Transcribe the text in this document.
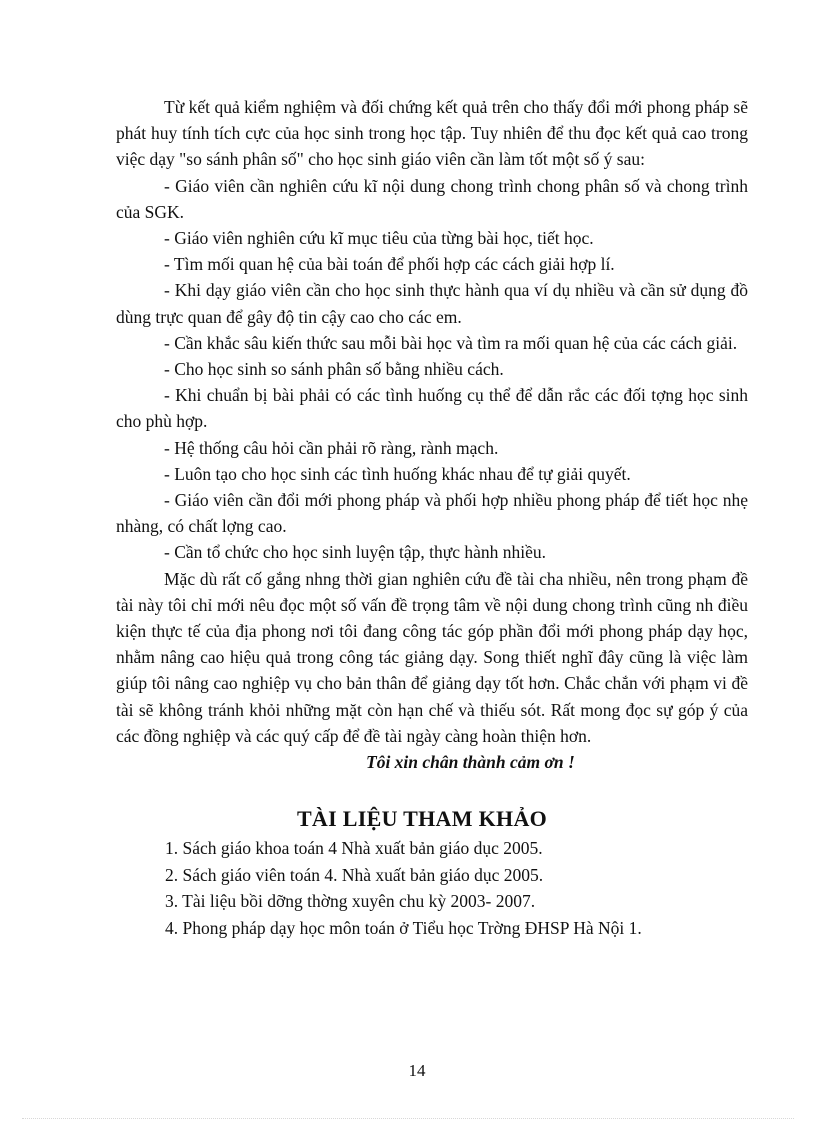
Từ kết quả kiểm nghiệm và đối chứng kết quả trên cho thấy đổi mới phong pháp sẽ phát huy tính tích cực của học sinh trong học tập. Tuy nhiên để thu đọc kết quả cao trong việc dạy "so sánh phân số" cho học sinh giáo viên cần làm tốt một số ý sau:

- Giáo viên cần nghiên cứu kĩ nội dung chong trình chong phân số và chong trình của SGK.

- Giáo viên nghiên cứu kĩ mục tiêu của từng bài học, tiết học.

- Tìm mối quan hệ của bài toán để phối hợp các cách giải hợp lí.

- Khi dạy giáo viên cần cho học sinh thực hành qua ví dụ nhiều và cần sử dụng đồ dùng trực quan để gây độ tin cậy cao cho các em.

- Cần khắc sâu kiến thức sau mỗi bài học và tìm ra mối quan hệ của các cách giải.

- Cho học sinh so sánh phân số bằng nhiều cách.

- Khi chuẩn bị bài phải có các tình huống cụ thể để dẫn rắc các đối tợng học sinh cho phù hợp.

- Hệ thống câu hỏi cần phải rõ ràng, rành mạch.

- Luôn tạo cho học sinh các tình huống khác nhau để tự giải quyết.

- Giáo viên cần đổi mới phong pháp và phối hợp nhiều phong pháp để tiết học nhẹ nhàng, có chất lợng cao.

- Cần tổ chức cho học sinh luyện tập, thực hành nhiều.

Mặc dù rất cố gắng nhng thời gian nghiên cứu đề tài cha nhiều, nên trong phạm đề tài này tôi chỉ mới nêu đọc một số vấn đề trọng tâm về nội dung chong trình cũng nh điều kiện thực tế của địa phong nơi tôi đang công tác góp phần đổi mới phong pháp dạy học, nhằm nâng cao hiệu quả trong công tác giảng dạy. Song thiết nghĩ đây cũng là việc làm giúp tôi nâng cao nghiệp vụ cho bản thân để giảng dạy tốt hơn. Chắc chắn với phạm vi đề tài sẽ không tránh khỏi những mặt còn hạn chế và thiếu sót. Rất mong đọc sự góp ý của các đồng nghiệp và các quý cấp để đề tài ngày càng hoàn thiện hơn.

Tôi xin chân thành cảm ơn !

TÀI LIỆU THAM KHẢO
1. Sách giáo khoa toán 4 Nhà xuất bản giáo dục 2005.
2. Sách giáo viên toán 4. Nhà xuất bản giáo dục 2005.
3. Tài liệu bồi dỡng thờng xuyên chu kỳ 2003- 2007.
4. Phong pháp dạy học môn toán ở Tiểu học Trờng ĐHSP Hà Nội 1.
14
